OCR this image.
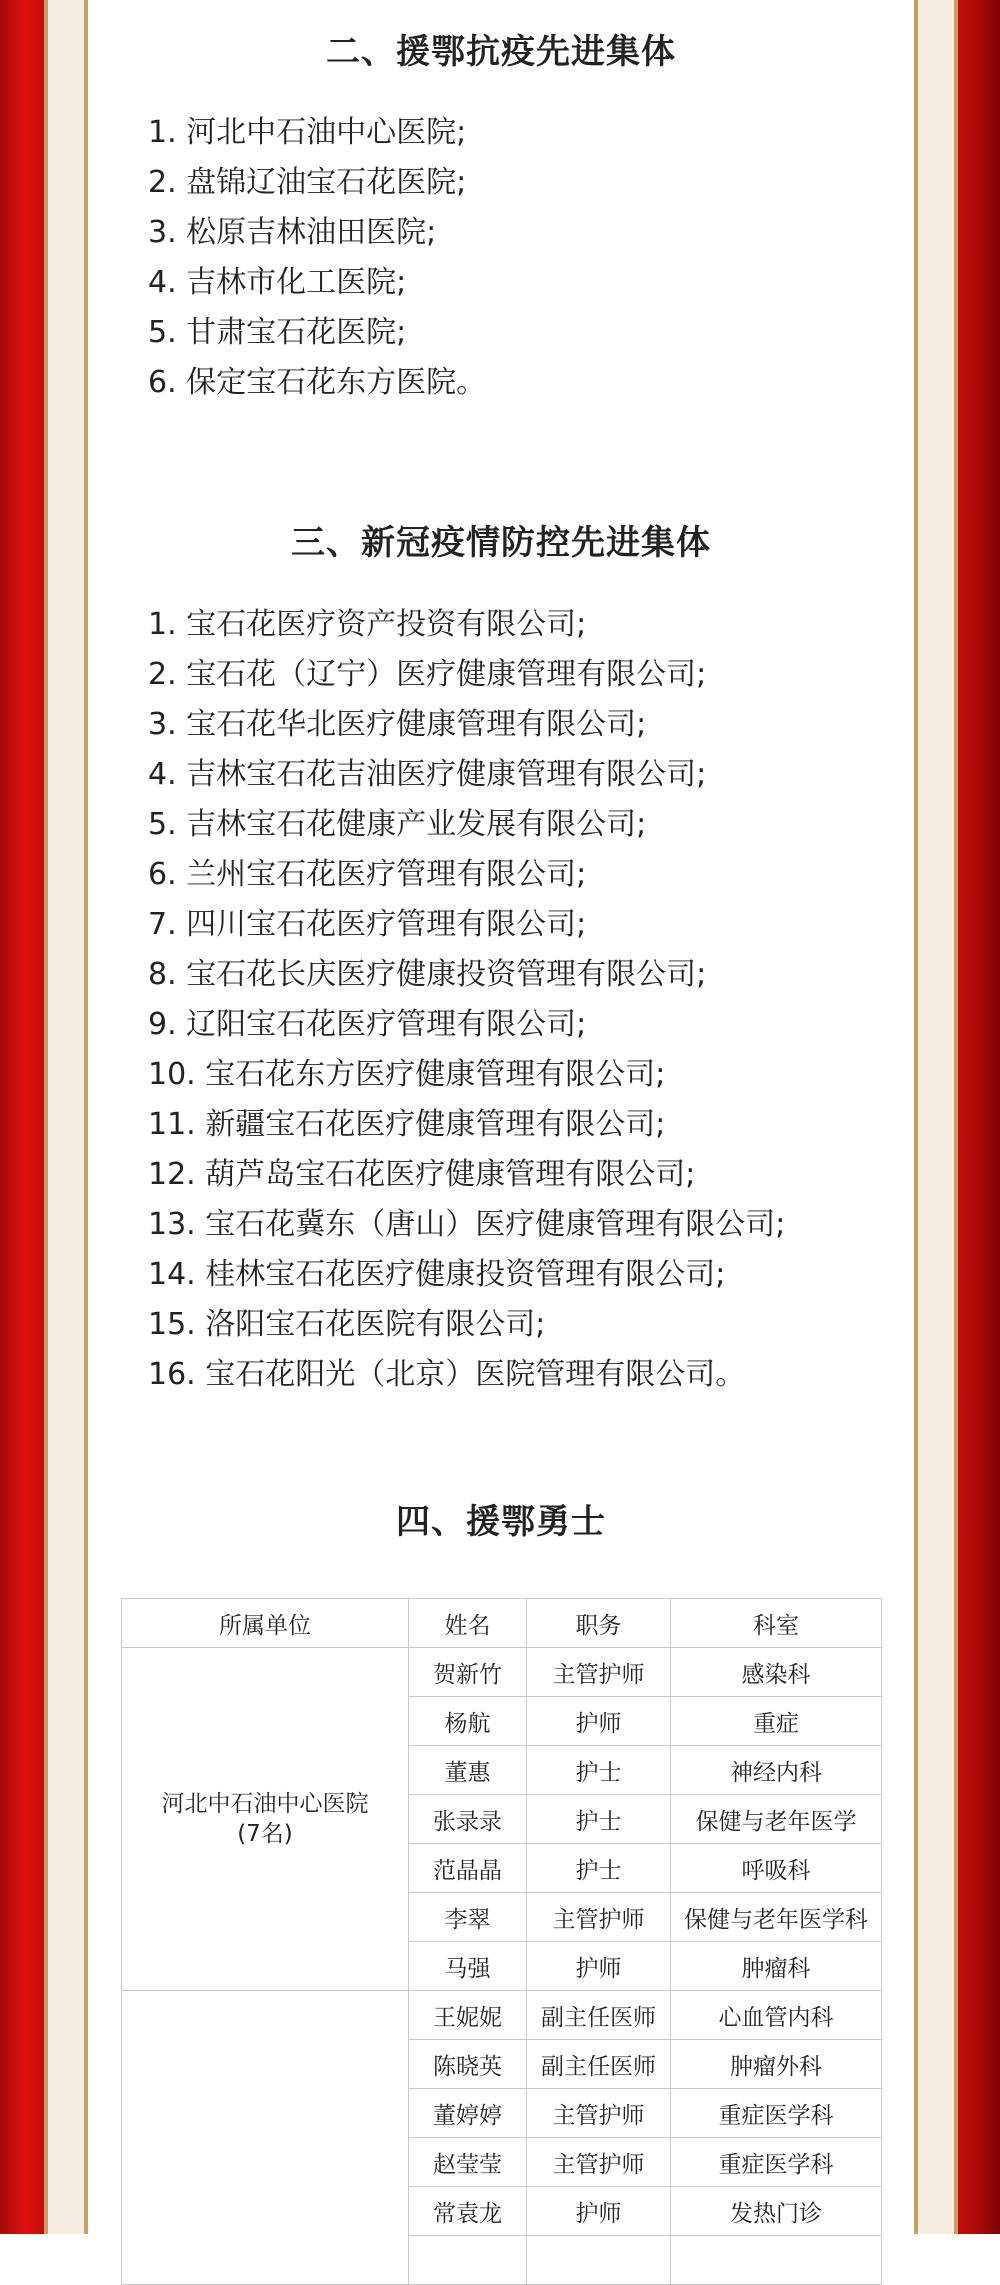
二、援鄂抗疫先进集体
1. 河北中石油中心医院;
2. 盘锦辽油宝石花医院;
3. 松原吉林油田医院;
4. 吉林市化工医院;
5. 甘肃宝石花医院;
6. 保定宝石花东方医院。
三、新冠疫情防控先进集体
1. 宝石花医疗资产投资有限公司;
2. 宝石花（辽宁）医疗健康管理有限公司;
3. 宝石花华北医疗健康管理有限公司;
4. 吉林宝石花吉油医疗健康管理有限公司;
5. 吉林宝石花健康产业发展有限公司;
6. 兰州宝石花医疗管理有限公司;
7. 四川宝石花医疗管理有限公司;
8. 宝石花长庆医疗健康投资管理有限公司;
9. 辽阳宝石花医疗管理有限公司;
10. 宝石花东方医疗健康管理有限公司;
11. 新疆宝石花医疗健康管理有限公司;
12. 葫芦岛宝石花医疗健康管理有限公司;
13. 宝石花冀东（唐山）医疗健康管理有限公司;
14. 桂林宝石花医疗健康投资管理有限公司;
15. 洛阳宝石花医院有限公司;
16. 宝石花阳光（北京）医院管理有限公司。
四、援鄂勇士
所属单位	姓名	职务	科室

河北中石油中心医院
(7名)	贺新竹	主管护师	感染科
	杨航	护师	重症
	董惠	护士	神经内科
	张录录	护士	保健与老年医学
	范晶晶	护士	呼吸科
	李翠	主管护师	保健与老年医学科
	马强	护师	肿瘤科
	王妮妮	副主任医师	心血管内科
	陈晓英	副主任医师	肿瘤外科
	董婷婷	主管护师	重症医学科
	赵莹莹	主管护师	重症医学科
	常袁龙	护师	发热门诊
